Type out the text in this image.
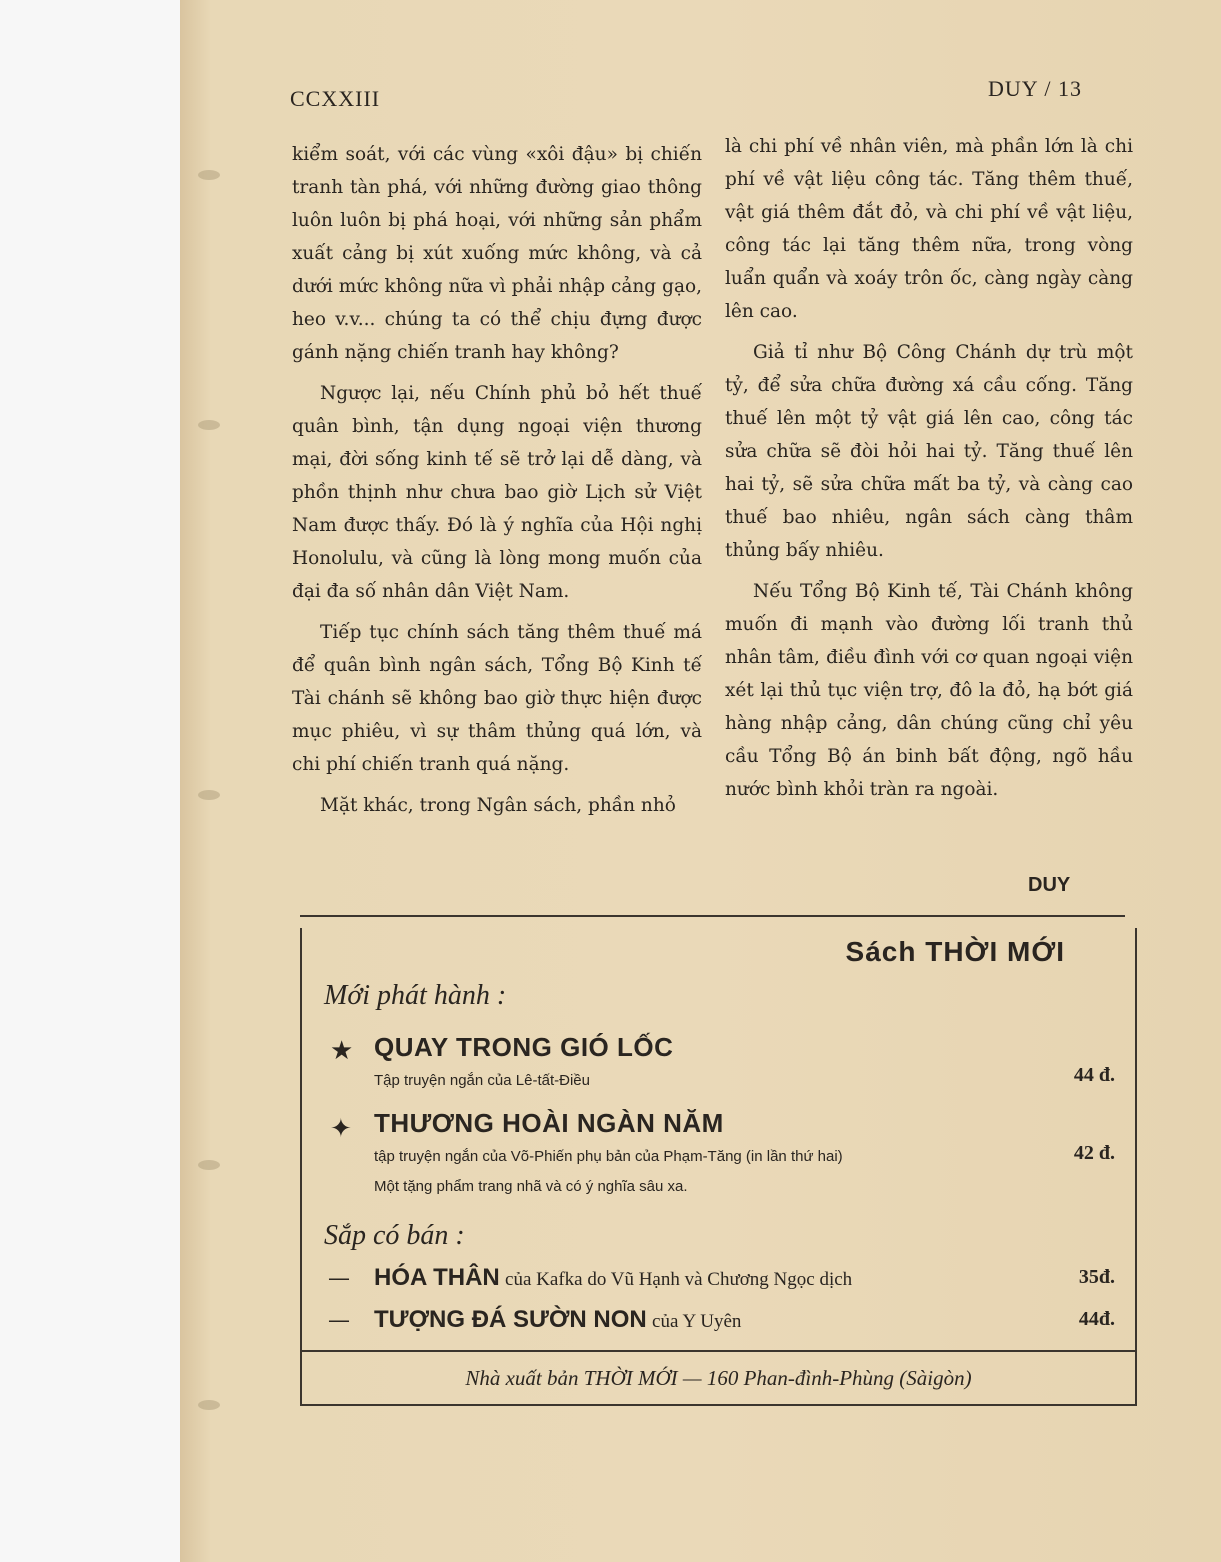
CCXXIII	DUY / 13

kiểm soát, với các vùng «xôi đậu» bị chiến tranh tàn phá, với những đường giao thông luôn luôn bị phá hoại, với những sản phẩm xuất cảng bị xút xuống mức không, và cả dưới mức không nữa vì phải nhập cảng gạo, heo v.v... chúng ta có thể chịu đựng được gánh nặng chiến tranh hay không?

Ngược lại, nếu Chính phủ bỏ hết thuế quân bình, tận dụng ngoại viện thương mại, đời sống kinh tế sẽ trở lại dễ dàng, và phồn thịnh như chưa bao giờ Lịch sử Việt Nam được thấy. Đó là ý nghĩa của Hội nghị Honolulu, và cũng là lòng mong muốn của đại đa số nhân dân Việt Nam.

Tiếp tục chính sách tăng thêm thuế má để quân bình ngân sách, Tổng Bộ Kinh tế Tài chánh sẽ không bao giờ thực hiện được mục phiêu, vì sự thâm thủng quá lớn, và chi phí chiến tranh quá nặng.

Mặt khác, trong Ngân sách, phần nhỏ

là chi phí về nhân viên, mà phần lớn là chi phí về vật liệu công tác. Tăng thêm thuế, vật giá thêm đắt đỏ, và chi phí về vật liệu, công tác lại tăng thêm nữa, trong vòng luẩn quẩn và xoáy trôn ốc, càng ngày càng lên cao.

Giả tỉ như Bộ Công Chánh dự trù một tỷ, để sửa chữa đường xá cầu cống. Tăng thuế lên một tỷ vật giá lên cao, công tác sửa chữa sẽ đòi hỏi hai tỷ. Tăng thuế lên hai tỷ, sẽ sửa chữa mất ba tỷ, và càng cao thuế bao nhiêu, ngân sách càng thâm thủng bấy nhiêu.

Nếu Tổng Bộ Kinh tế, Tài Chánh không muốn đi mạnh vào đường lối tranh thủ nhân tâm, điều đình với cơ quan ngoại viện xét lại thủ tục viện trợ, đô la đỏ, hạ bớt giá hàng nhập cảng, dân chúng cũng chỉ yêu cầu Tổng Bộ án binh bất động, ngõ hầu nước bình khỏi tràn ra ngoài.

DUY
Sách THỜI MỚI
Mới phát hành :
★ QUAY TRONG GIÓ LỐC
Tập truyện ngắn của Lê-tất-Điều	44 đ.
✦ THƯƠNG HOÀI NGÀN NĂM
tập truyện ngắn của Võ-Phiến phụ bản của Phạm-Tăng (in lần thứ hai)
Một tặng phẩm trang nhã và có ý nghĩa sâu xa.
42 đ.
Sắp có bán :
— HÓA THÂN của Kafka do Vũ Hạnh và Chương Ngọc dịch	35đ.
— TƯỢNG ĐÁ SƯỜN NON của Y Uyên	44đ.
Nhà xuất bản THỜI MỚI — 160 Phan-đình-Phùng (Sàigòn)
